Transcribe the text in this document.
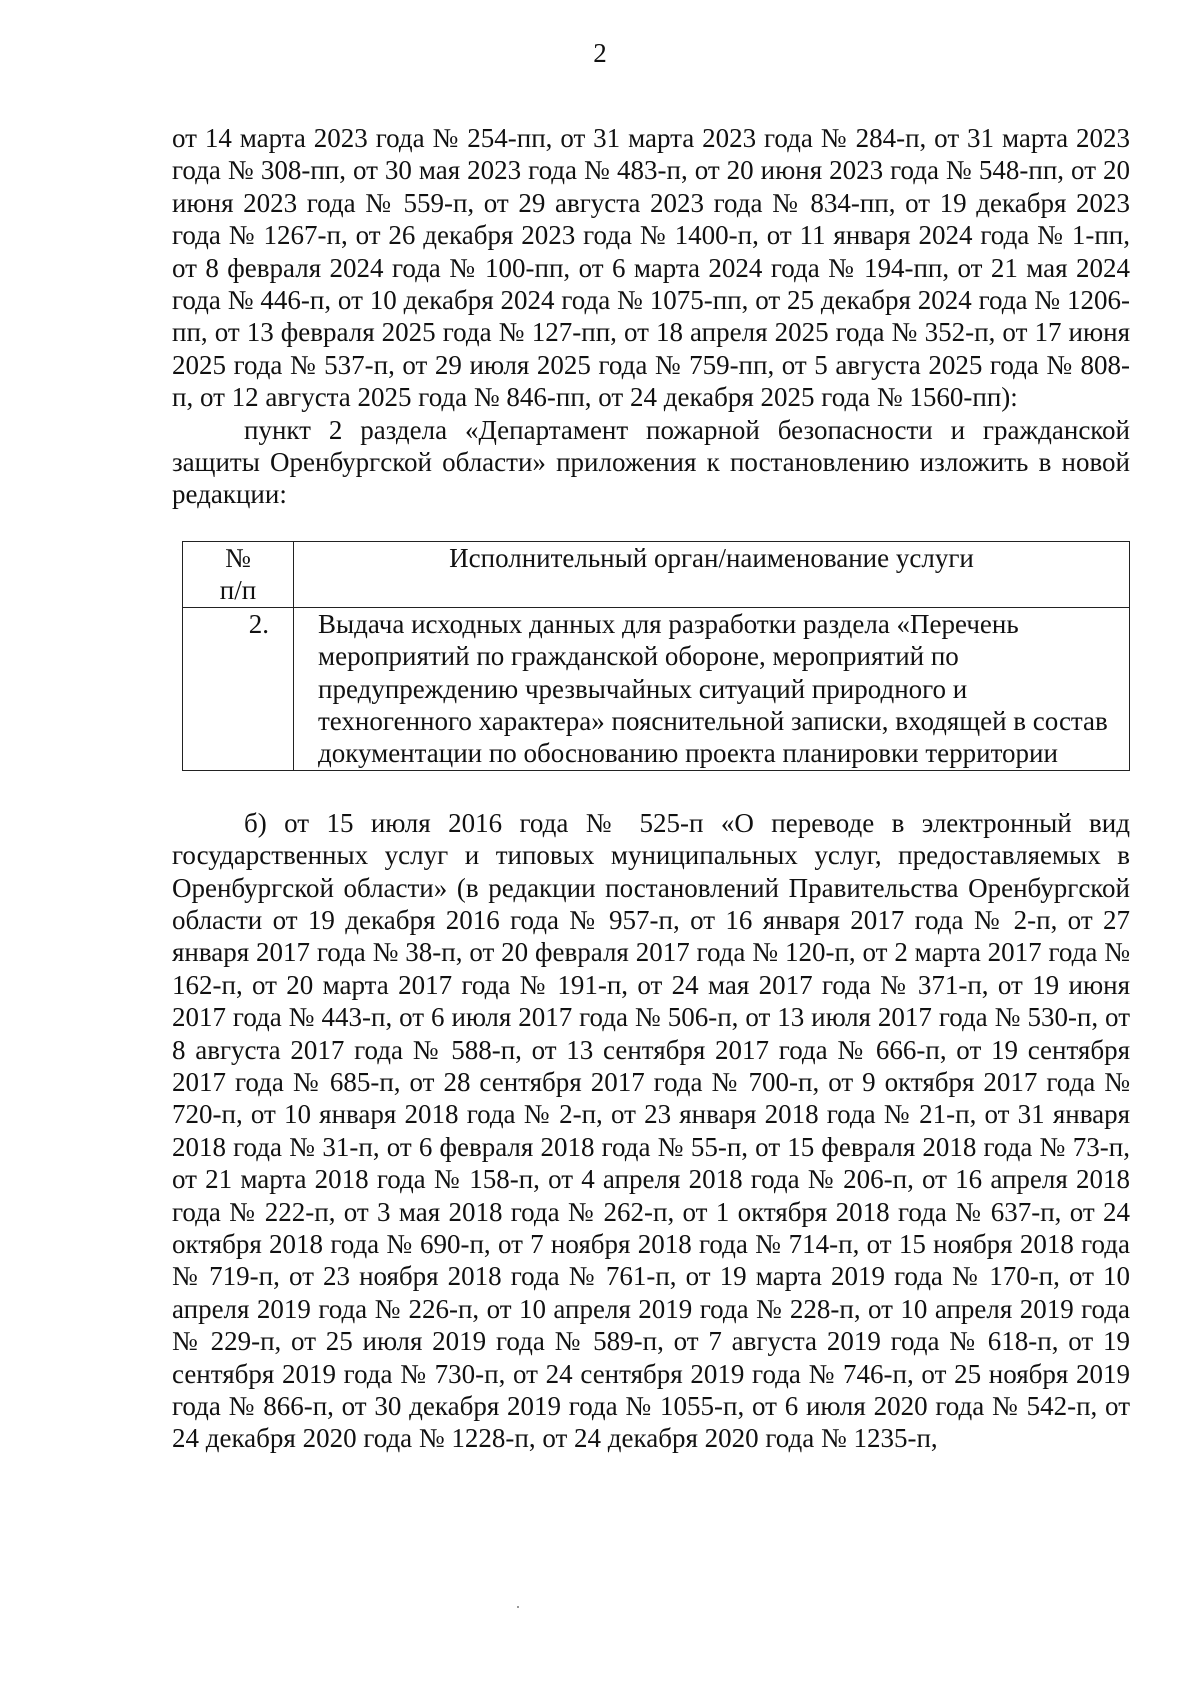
2

от 14 марта 2023 года № 254-пп, от 31 марта 2023 года № 284-п, от 31 марта 2023 года № 308-пп, от 30 мая 2023 года № 483-п, от 20 июня 2023 года № 548-пп, от 20 июня 2023 года № 559-п, от 29 августа 2023 года № 834-пп, от 19 декабря 2023 года № 1267-п, от 26 декабря 2023 года № 1400-п, от 11 января 2024 года № 1-пп, от 8 февраля 2024 года № 100-пп, от 6 марта 2024 года № 194-пп, от 21 мая 2024 года № 446-п, от 10 декабря 2024 года № 1075-пп, от 25 декабря 2024 года № 1206-пп, от 13 февраля 2025 года № 127-пп, от 18 апреля 2025 года № 352-п, от 17 июня 2025 года № 537-п, от 29 июля 2025 года № 759-пп, от 5 августа 2025 года № 808-п, от 12 августа 2025 года № 846-пп, от 24 декабря 2025 года № 1560-пп):

пункт 2 раздела «Департамент пожарной безопасности и гражданской защиты Оренбургской области» приложения к постановлению изложить в новой редакции:

№
п/п	Исполнительный орган/наименование услуги
2.	Выдача исходных данных для разработки раздела «Перечень мероприятий по гражданской обороне, мероприятий по предупреждению чрезвычайных ситуаций природного и техногенного характера» пояснительной записки, входящей в состав документации по обоснованию проекта планировки территории

б) от 15 июля 2016 года № 525-п «О переводе в электронный вид государственных услуг и типовых муниципальных услуг, предоставляемых в Оренбургской области» (в редакции постановлений Правительства Оренбургской области от 19 декабря 2016 года № 957-п, от 16 января 2017 года № 2-п, от 27 января 2017 года № 38-п, от 20 февраля 2017 года № 120-п, от 2 марта 2017 года № 162-п, от 20 марта 2017 года № 191-п, от 24 мая 2017 года № 371-п, от 19 июня 2017 года № 443-п, от 6 июля 2017 года № 506-п, от 13 июля 2017 года № 530-п, от 8 августа 2017 года № 588-п, от 13 сентября 2017 года № 666-п, от 19 сентября 2017 года № 685-п, от 28 сентября 2017 года № 700-п, от 9 октября 2017 года № 720-п, от 10 января 2018 года № 2-п, от 23 января 2018 года № 21-п, от 31 января 2018 года № 31-п, от 6 февраля 2018 года № 55-п, от 15 февраля 2018 года № 73-п, от 21 марта 2018 года № 158-п, от 4 апреля 2018 года № 206-п, от 16 апреля 2018 года № 222-п, от 3 мая 2018 года № 262-п, от 1 октября 2018 года № 637-п, от 24 октября 2018 года № 690-п, от 7 ноября 2018 года № 714-п, от 15 ноября 2018 года № 719-п, от 23 ноября 2018 года № 761-п, от 19 марта 2019 года № 170-п, от 10 апреля 2019 года № 226-п, от 10 апреля 2019 года № 228-п, от 10 апреля 2019 года № 229-п, от 25 июля 2019 года № 589-п, от 7 августа 2019 года № 618-п, от 19 сентября 2019 года № 730-п, от 24 сентября 2019 года № 746-п, от 25 ноября 2019 года № 866-п, от 30 декабря 2019 года № 1055-п, от 6 июля 2020 года № 542-п, от 24 декабря 2020 года № 1228-п, от 24 декабря 2020 года № 1235-п,
